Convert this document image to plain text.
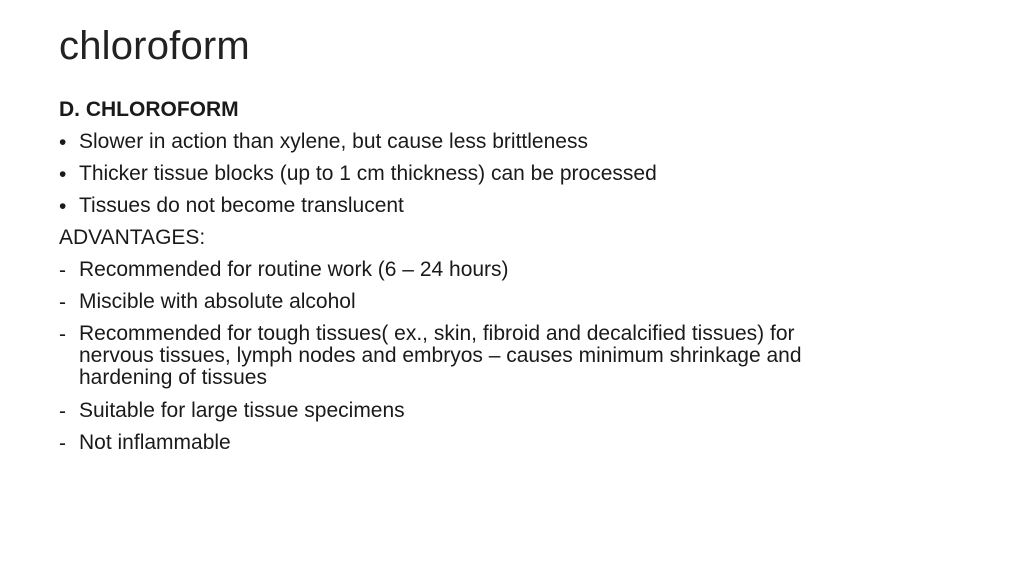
chloroform
D. CHLOROFORM
• Slower in action than xylene, but cause less brittleness
• Thicker tissue blocks (up to 1 cm thickness) can be processed
• Tissues do not become translucent
ADVANTAGES:
- Recommended for routine work (6 – 24 hours)
- Miscible with absolute alcohol
- Recommended for tough tissues( ex., skin, fibroid and decalcified tissues) for nervous tissues, lymph nodes and embryos – causes minimum shrinkage and hardening of tissues
- Suitable for large tissue specimens
- Not inflammable
